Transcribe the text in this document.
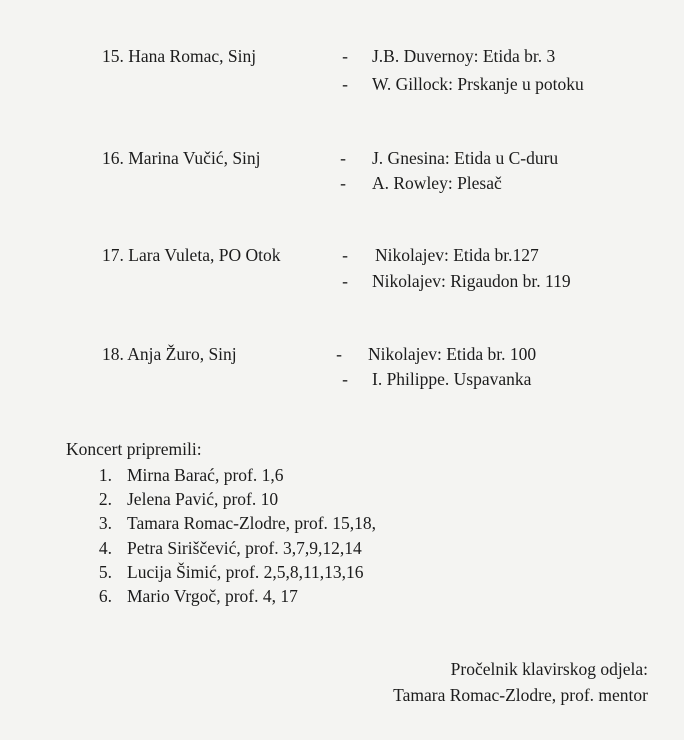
15. Hana Romac, Sinj	- J.B. Duvernoy: Etida br. 3
- W. Gillock: Prskanje u potoku
16. Marina Vučić, Sinj	- J. Gnesina: Etida u C-duru
- A. Rowley: Plesač
17. Lara Vuleta, PO Otok	- Nikolajev: Etida br.127
- Nikolajev: Rigaudon br. 119
18. Anja Žuro, Sinj	- Nikolajev: Etida br. 100
- I. Philippe. Uspavanka
Koncert pripremili:
1. Mirna Barać, prof. 1,6
2. Jelena Pavić, prof. 10
3. Tamara Romac-Zlodre, prof. 15,18,
4. Petra Siriščević, prof. 3,7,9,12,14
5. Lucija Šimić, prof. 2,5,8,11,13,16
6. Mario Vrgoč, prof. 4, 17
Pročelnik klavirskog odjela:
Tamara Romac-Zlodre, prof. mentor
